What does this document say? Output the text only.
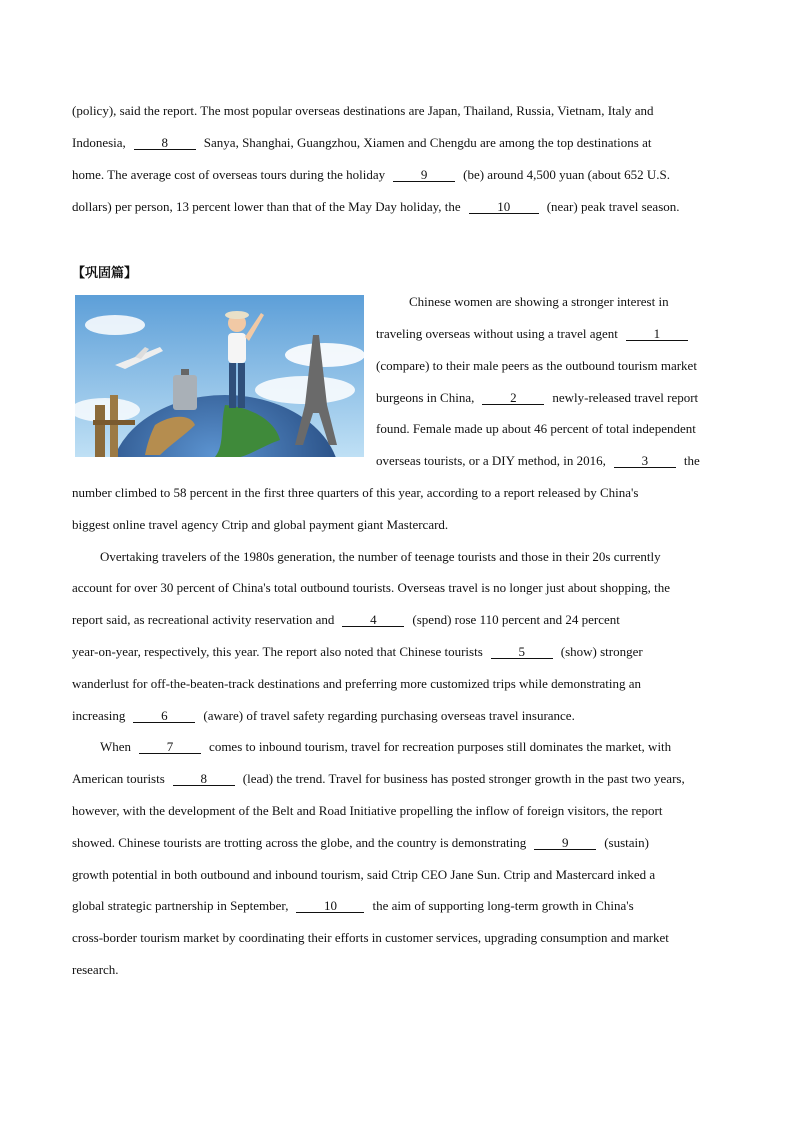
(policy), said the report. The most popular overseas destinations are Japan, Thailand, Russia, Vietnam, Italy and
Indonesia,	8	Sanya, Shanghai, Guangzhou, Xiamen and Chengdu are among the top destinations at
home. The average cost of overseas tours during the holiday	9	(be) around 4,500 yuan (about 652 U.S.
dollars) per person, 13 percent lower than that of the May Day holiday, the	10	(near) peak travel season.
【巩固篇】
Chinese women are showing a stronger interest in
traveling overseas without using a travel agent	1
(compare) to their male peers as the outbound tourism market
burgeons in China,	2	newly-released travel report
found. Female made up about 46 percent of total independent
overseas tourists, or a DIY method, in 2016,	3	the
number climbed to 58 percent in the first three quarters of this year, according to a report released by China's
biggest online travel agency Ctrip and global payment giant Mastercard.
Overtaking travelers of the 1980s generation, the number of teenage tourists and those in their 20s currently
account for over 30 percent of China's total outbound tourists. Overseas travel is no longer just about shopping, the
report said, as recreational activity reservation and	4	(spend) rose 110 percent and 24 percent
year-on-year, respectively, this year. The report also noted that Chinese tourists	5	(show) stronger
wanderlust for off-the-beaten-track destinations and preferring more customized trips while demonstrating an
increasing	6	(aware) of travel safety regarding purchasing overseas travel insurance.
When	7	comes to inbound tourism, travel for recreation purposes still dominates the market, with
American tourists	8	(lead) the trend. Travel for business has posted stronger growth in the past two years,
however, with the development of the Belt and Road Initiative propelling the inflow of foreign visitors, the report
showed. Chinese tourists are trotting across the globe, and the country is demonstrating	9	(sustain)
growth potential in both outbound and inbound tourism, said Ctrip CEO Jane Sun. Ctrip and Mastercard inked a
global strategic partnership in September,	10	the aim of supporting long-term growth in China's
cross-border tourism market by coordinating their efforts in customer services, upgrading consumption and market
research.
